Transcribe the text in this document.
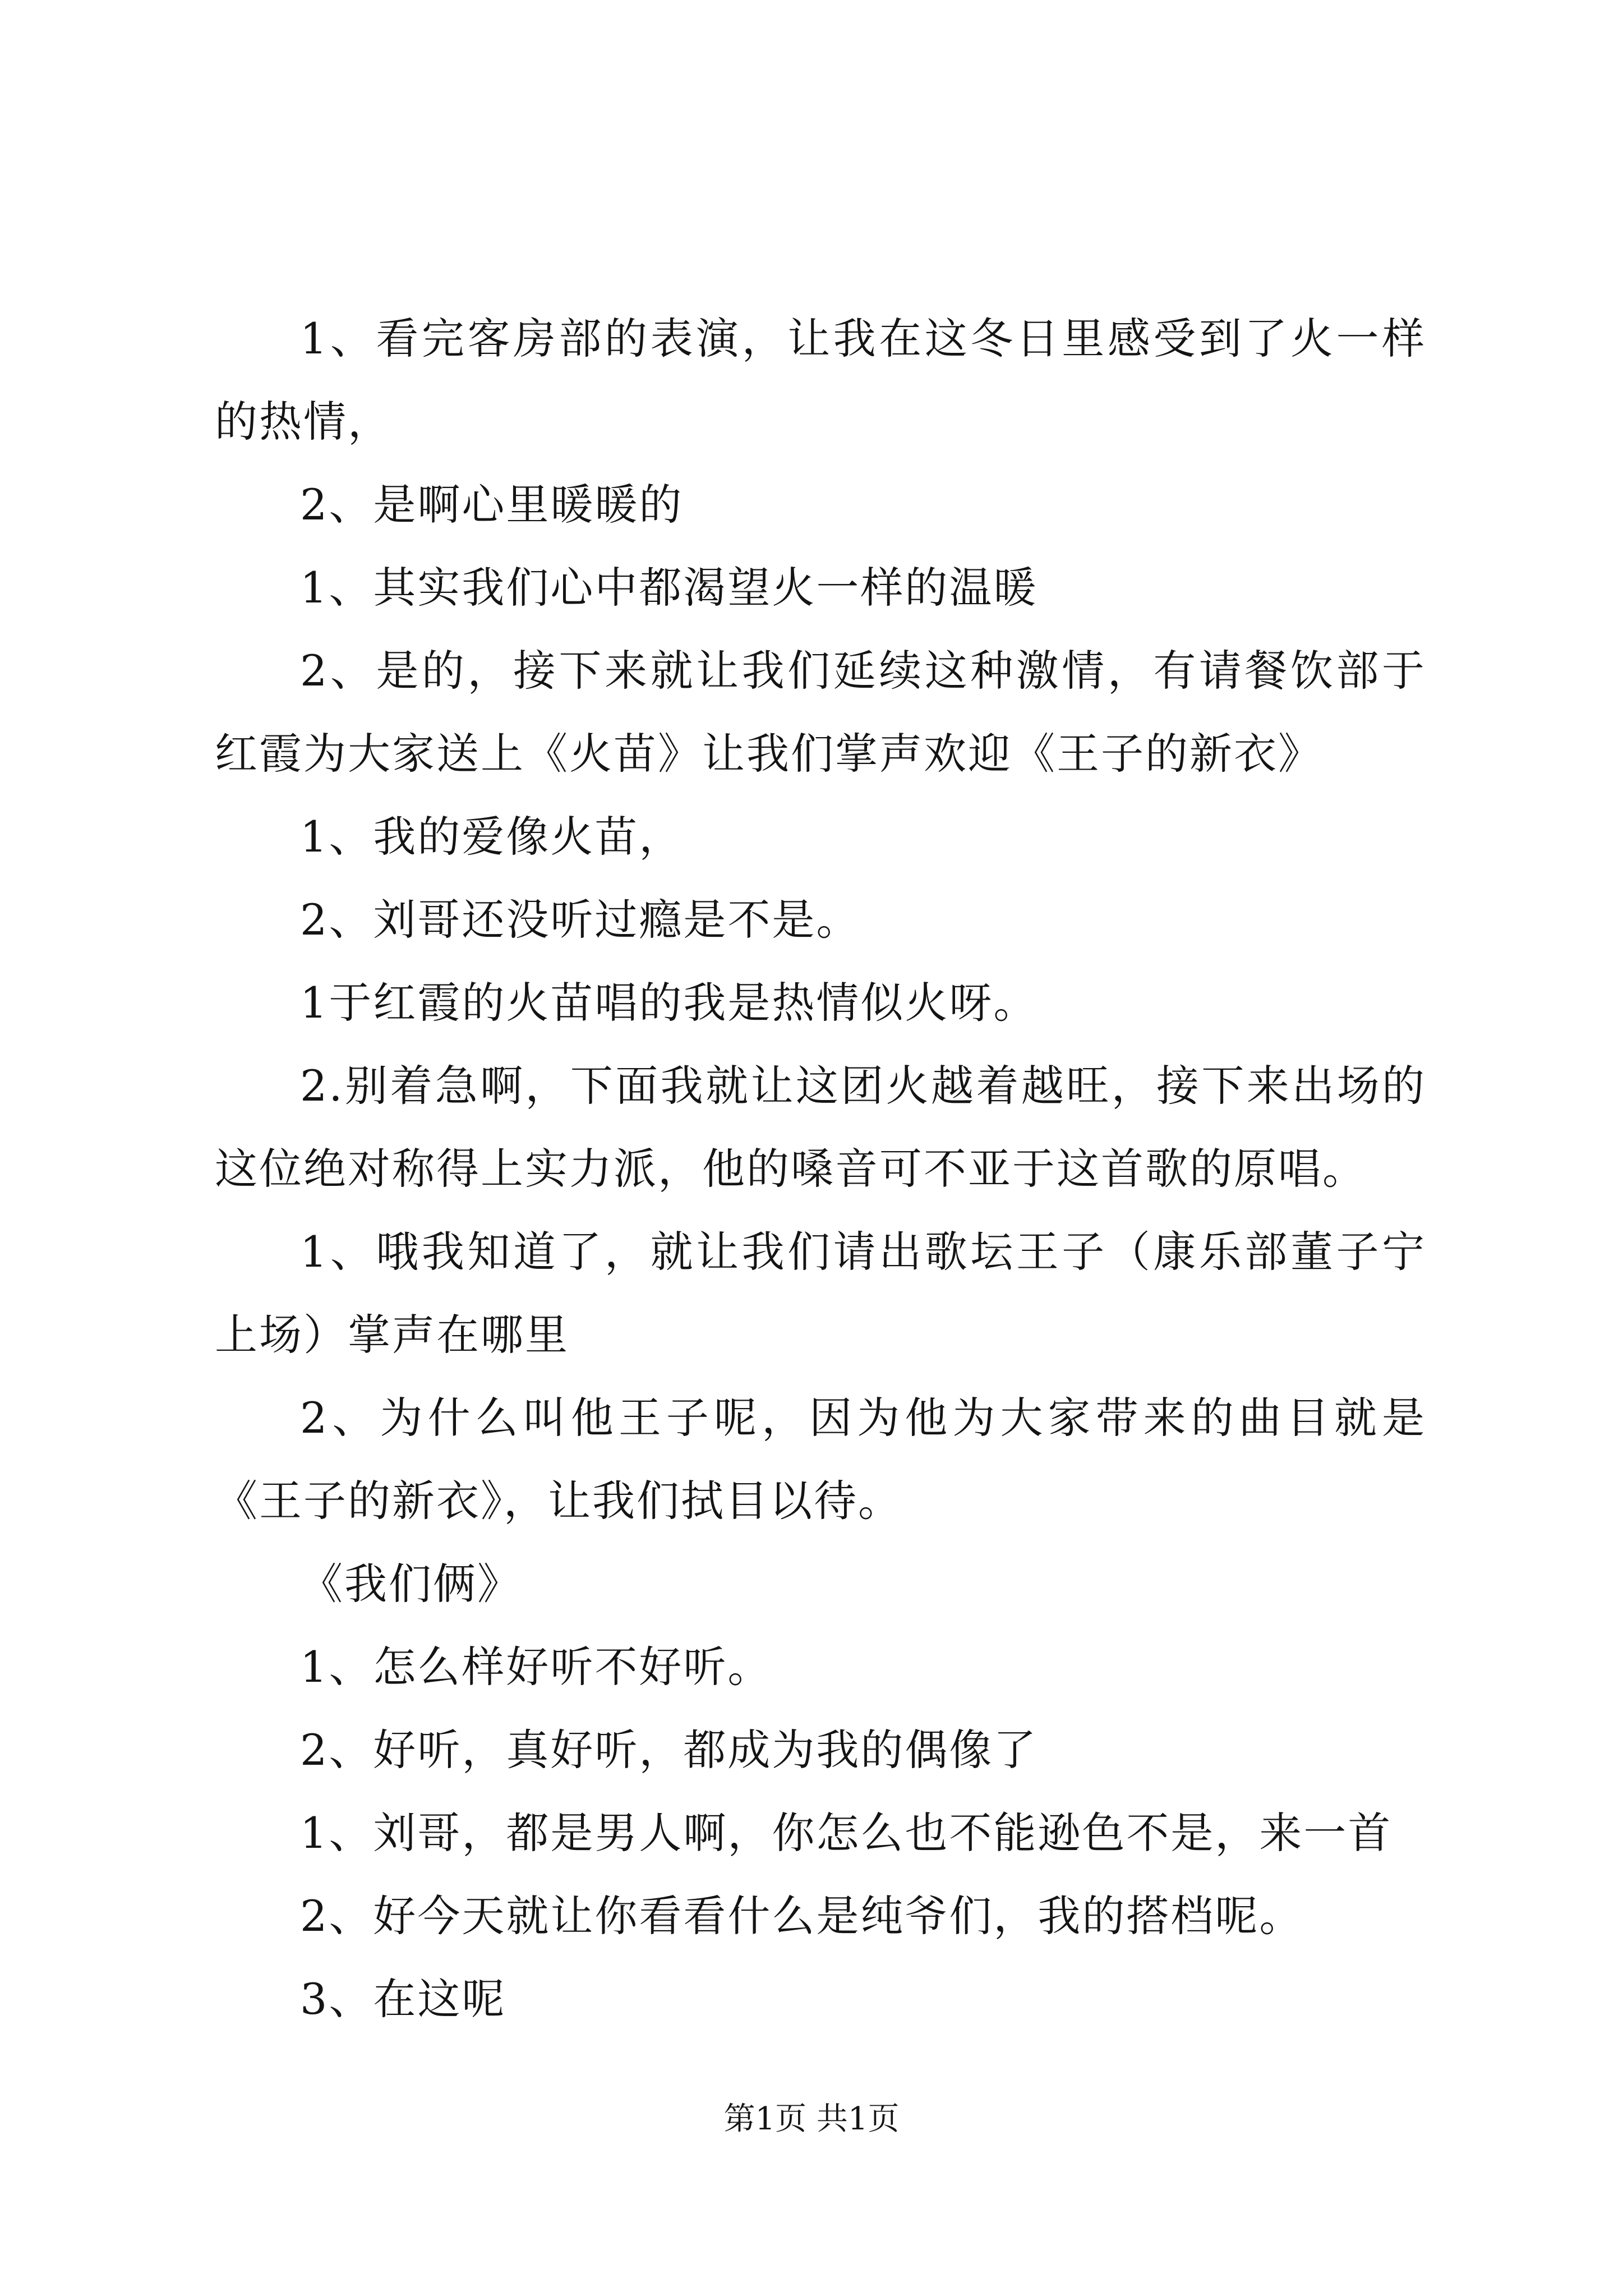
1、看完客房部的表演，让我在这冬日里感受到了火一样的热情，

2、是啊心里暖暖的

1、其实我们心中都渴望火一样的温暖

2、是的，接下来就让我们延续这种激情，有请餐饮部于红霞为大家送上《火苗》让我们掌声欢迎《王子的新衣》

1、我的爱像火苗，

2、刘哥还没听过瘾是不是。

1于红霞的火苗唱的我是热情似火呀。

2.别着急啊，下面我就让这团火越着越旺，接下来出场的这位绝对称得上实力派，他的嗓音可不亚于这首歌的原唱。

1、哦我知道了，就让我们请出歌坛王子（康乐部董子宁上场）掌声在哪里

2、为什么叫他王子呢，因为他为大家带来的曲目就是《王子的新衣》，让我们拭目以待。

《我们俩》

1、怎么样好听不好听。

2、好听，真好听，都成为我的偶像了

1、刘哥，都是男人啊，你怎么也不能逊色不是，来一首

2、好今天就让你看看什么是纯爷们，我的搭档呢。

3、在这呢

第1页 共1页
